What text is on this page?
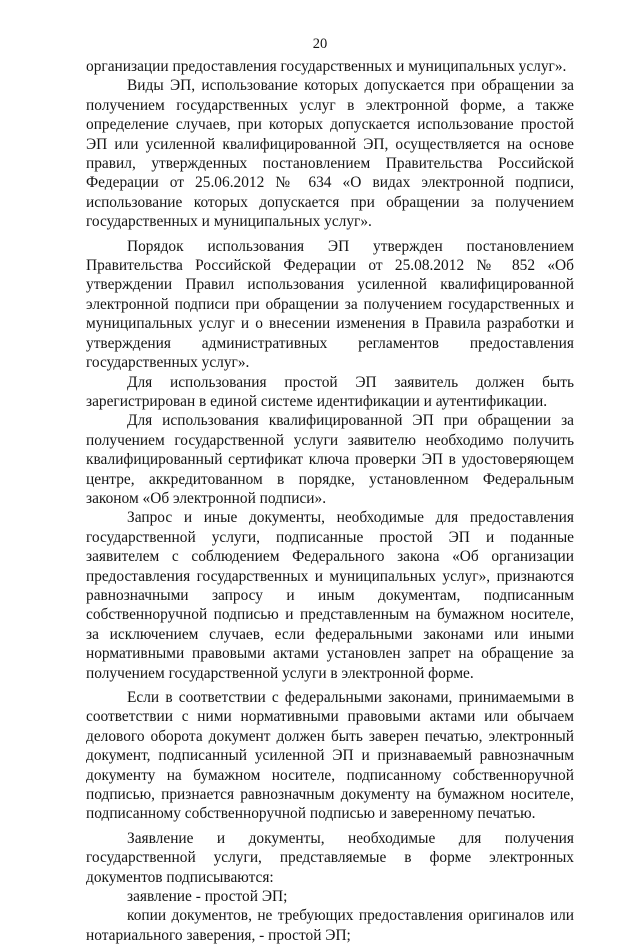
20

организации предоставления государственных и муниципальных услуг».

Виды ЭП, использование которых допускается при обращении за получением государственных услуг в электронной форме, а также определение случаев, при которых допускается использование простой ЭП или усиленной квалифицированной ЭП, осуществляется на основе правил, утвержденных постановлением Правительства Российской Федерации от 25.06.2012 № 634 «О видах электронной подписи, использование которых допускается при обращении за получением государственных и муниципальных услуг».

Порядок использования ЭП утвержден постановлением Правительства Российской Федерации от 25.08.2012 № 852 «Об утверждении Правил использования усиленной квалифицированной электронной подписи при обращении за получением государственных и муниципальных услуг и о внесении изменения в Правила разработки и утверждения административных регламентов предоставления государственных услуг».

Для использования простой ЭП заявитель должен быть зарегистрирован в единой системе идентификации и аутентификации.

Для использования квалифицированной ЭП при обращении за получением государственной услуги заявителю необходимо получить квалифицированный сертификат ключа проверки ЭП в удостоверяющем центре, аккредитованном в порядке, установленном Федеральным законом «Об электронной подписи».

Запрос и иные документы, необходимые для предоставления государственной услуги, подписанные простой ЭП и поданные заявителем с соблюдением Федерального закона «Об организации предоставления государственных и муниципальных услуг», признаются равнозначными запросу и иным документам, подписанным собственноручной подписью и представленным на бумажном носителе, за исключением случаев, если федеральными законами или иными нормативными правовыми актами установлен запрет на обращение за получением государственной услуги в электронной форме.

Если в соответствии с федеральными законами, принимаемыми в соответствии с ними нормативными правовыми актами или обычаем делового оборота документ должен быть заверен печатью, электронный документ, подписанный усиленной ЭП и признаваемый равнозначным документу на бумажном носителе, подписанному собственноручной подписью, признается равнозначным документу на бумажном носителе, подписанному собственноручной подписью и заверенному печатью.

Заявление и документы, необходимые для получения государственной услуги, представляемые в форме электронных документов подписываются:

заявление - простой ЭП;

копии документов, не требующих предоставления оригиналов или нотариального заверения, - простой ЭП;
